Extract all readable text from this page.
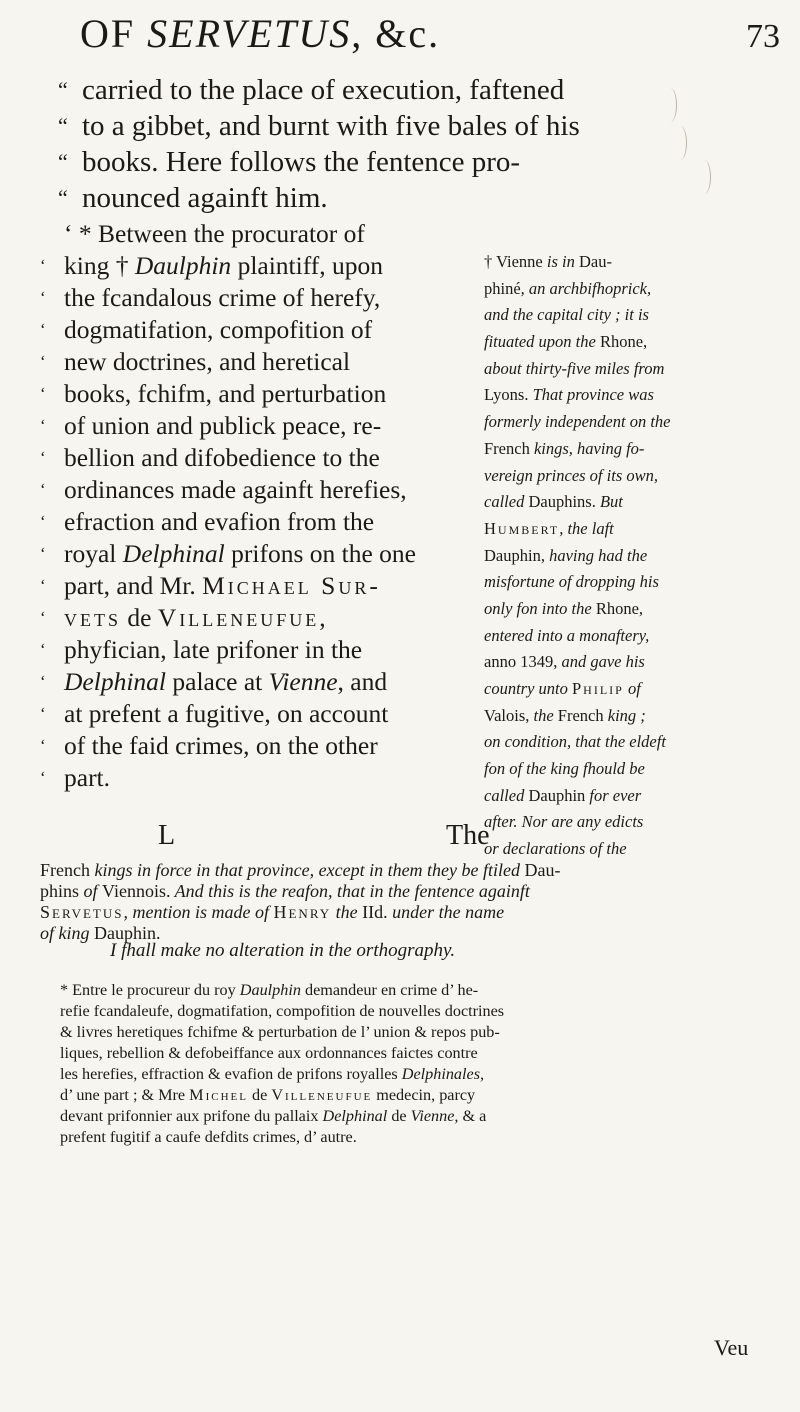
OF SERVETUS, &c.	73
“ carried to the place of execution, faftened
“ to a gibbet, and burnt with five bales of his
“ books. Here follows the fentence pro-
“ nounced againft him.
‘ * Between the procurator of
‘ king † Daulphin plaintiff, upon
‘ the fcandalous crime of herefy,
‘ dogmatifation, compofition of
‘ new doctrines, and heretical
‘ books, fchifm, and perturbation
‘ of union and publick peace, re-
‘ bellion and difobedience to the
‘ ordinances made againft herefies,
‘ efraction and evafion from the
‘ royal Delphinal prifons on the one
‘ part, and Mr. Michael Sur-
‘ vets de Villeneufue,
‘ phyfician, late prifoner in the
‘ Delphinal palace at Vienne, and
‘ at prefent a fugitive, on account
‘ of the faid crimes, on the other
‘ part.
† Vienne is in Dau-
phiné, an archbifhoprick,
and the capital city ; it is
fituated upon the Rhone,
about thirty-five miles from
Lyons. That province was
formerly independent on the
French kings, having fo-
vereign princes of its own,
called Dauphins. But
Humbert, the laft
Dauphin, having had the
misfortune of dropping his
only fon into the Rhone,
entered into a monaftery,
anno 1349, and gave his
country unto Philip of
Valois, the French king ;
on condition, that the eldeft
fon of the king fhould be
called Dauphin for ever
after. Nor are any edicts
or declarations of the
L	The
French kings in force in that province, except in them they be ftiled Dau-
phins of Viennois. And this is the reafon, that in the fentence againft
Servetus, mention is made of Henry the IId. under the name
of king Dauphin.
I fhall make no alteration in the orthography.
* Entre le procureur du roy Daulphin demandeur en crime d’ he-
refie fcandaleufe, dogmatifation, compofition de nouvelles doctrines
& livres heretiques fchifme & perturbation de l’ union & repos pub-
liques, rebellion & defobeiffance aux ordonnances faictes contre
les herefies, effraction & evafion de prifons royalles Delphinales,
d’ une part ; & Mre Michel de Villeneufue medecin, parcy
devant prifonnier aux prifone du pallaix Delphinal de Vienne, & a
prefent fugitif a caufe defdits crimes, d’ autre.
Veu
